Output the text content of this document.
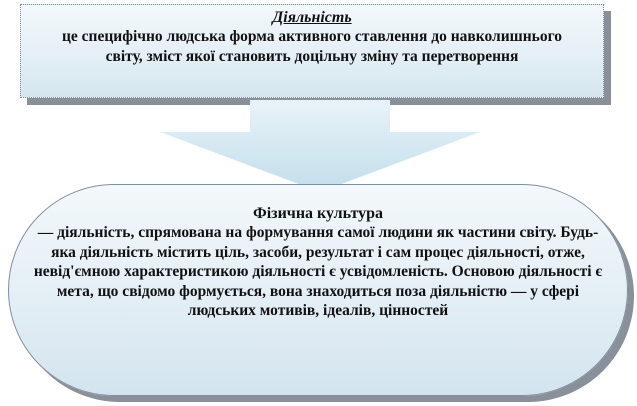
Діяльність
це специфічно людська форма активного ставлення до навколишнього світу, зміст якої становить доцільну зміну та перетворення
Фізична культура
— діяльність, спрямована на формування самої людини як частини світу. Будь-яка діяльність містить ціль, засоби, результат і сам процес діяльності, отже, невід'ємною характеристикою діяльності є усвідомленість. Основою діяльності є мета, що свідомо формується, вона знаходиться поза діяльністю — у сфері людських мотивів, ідеалів, цінностей
